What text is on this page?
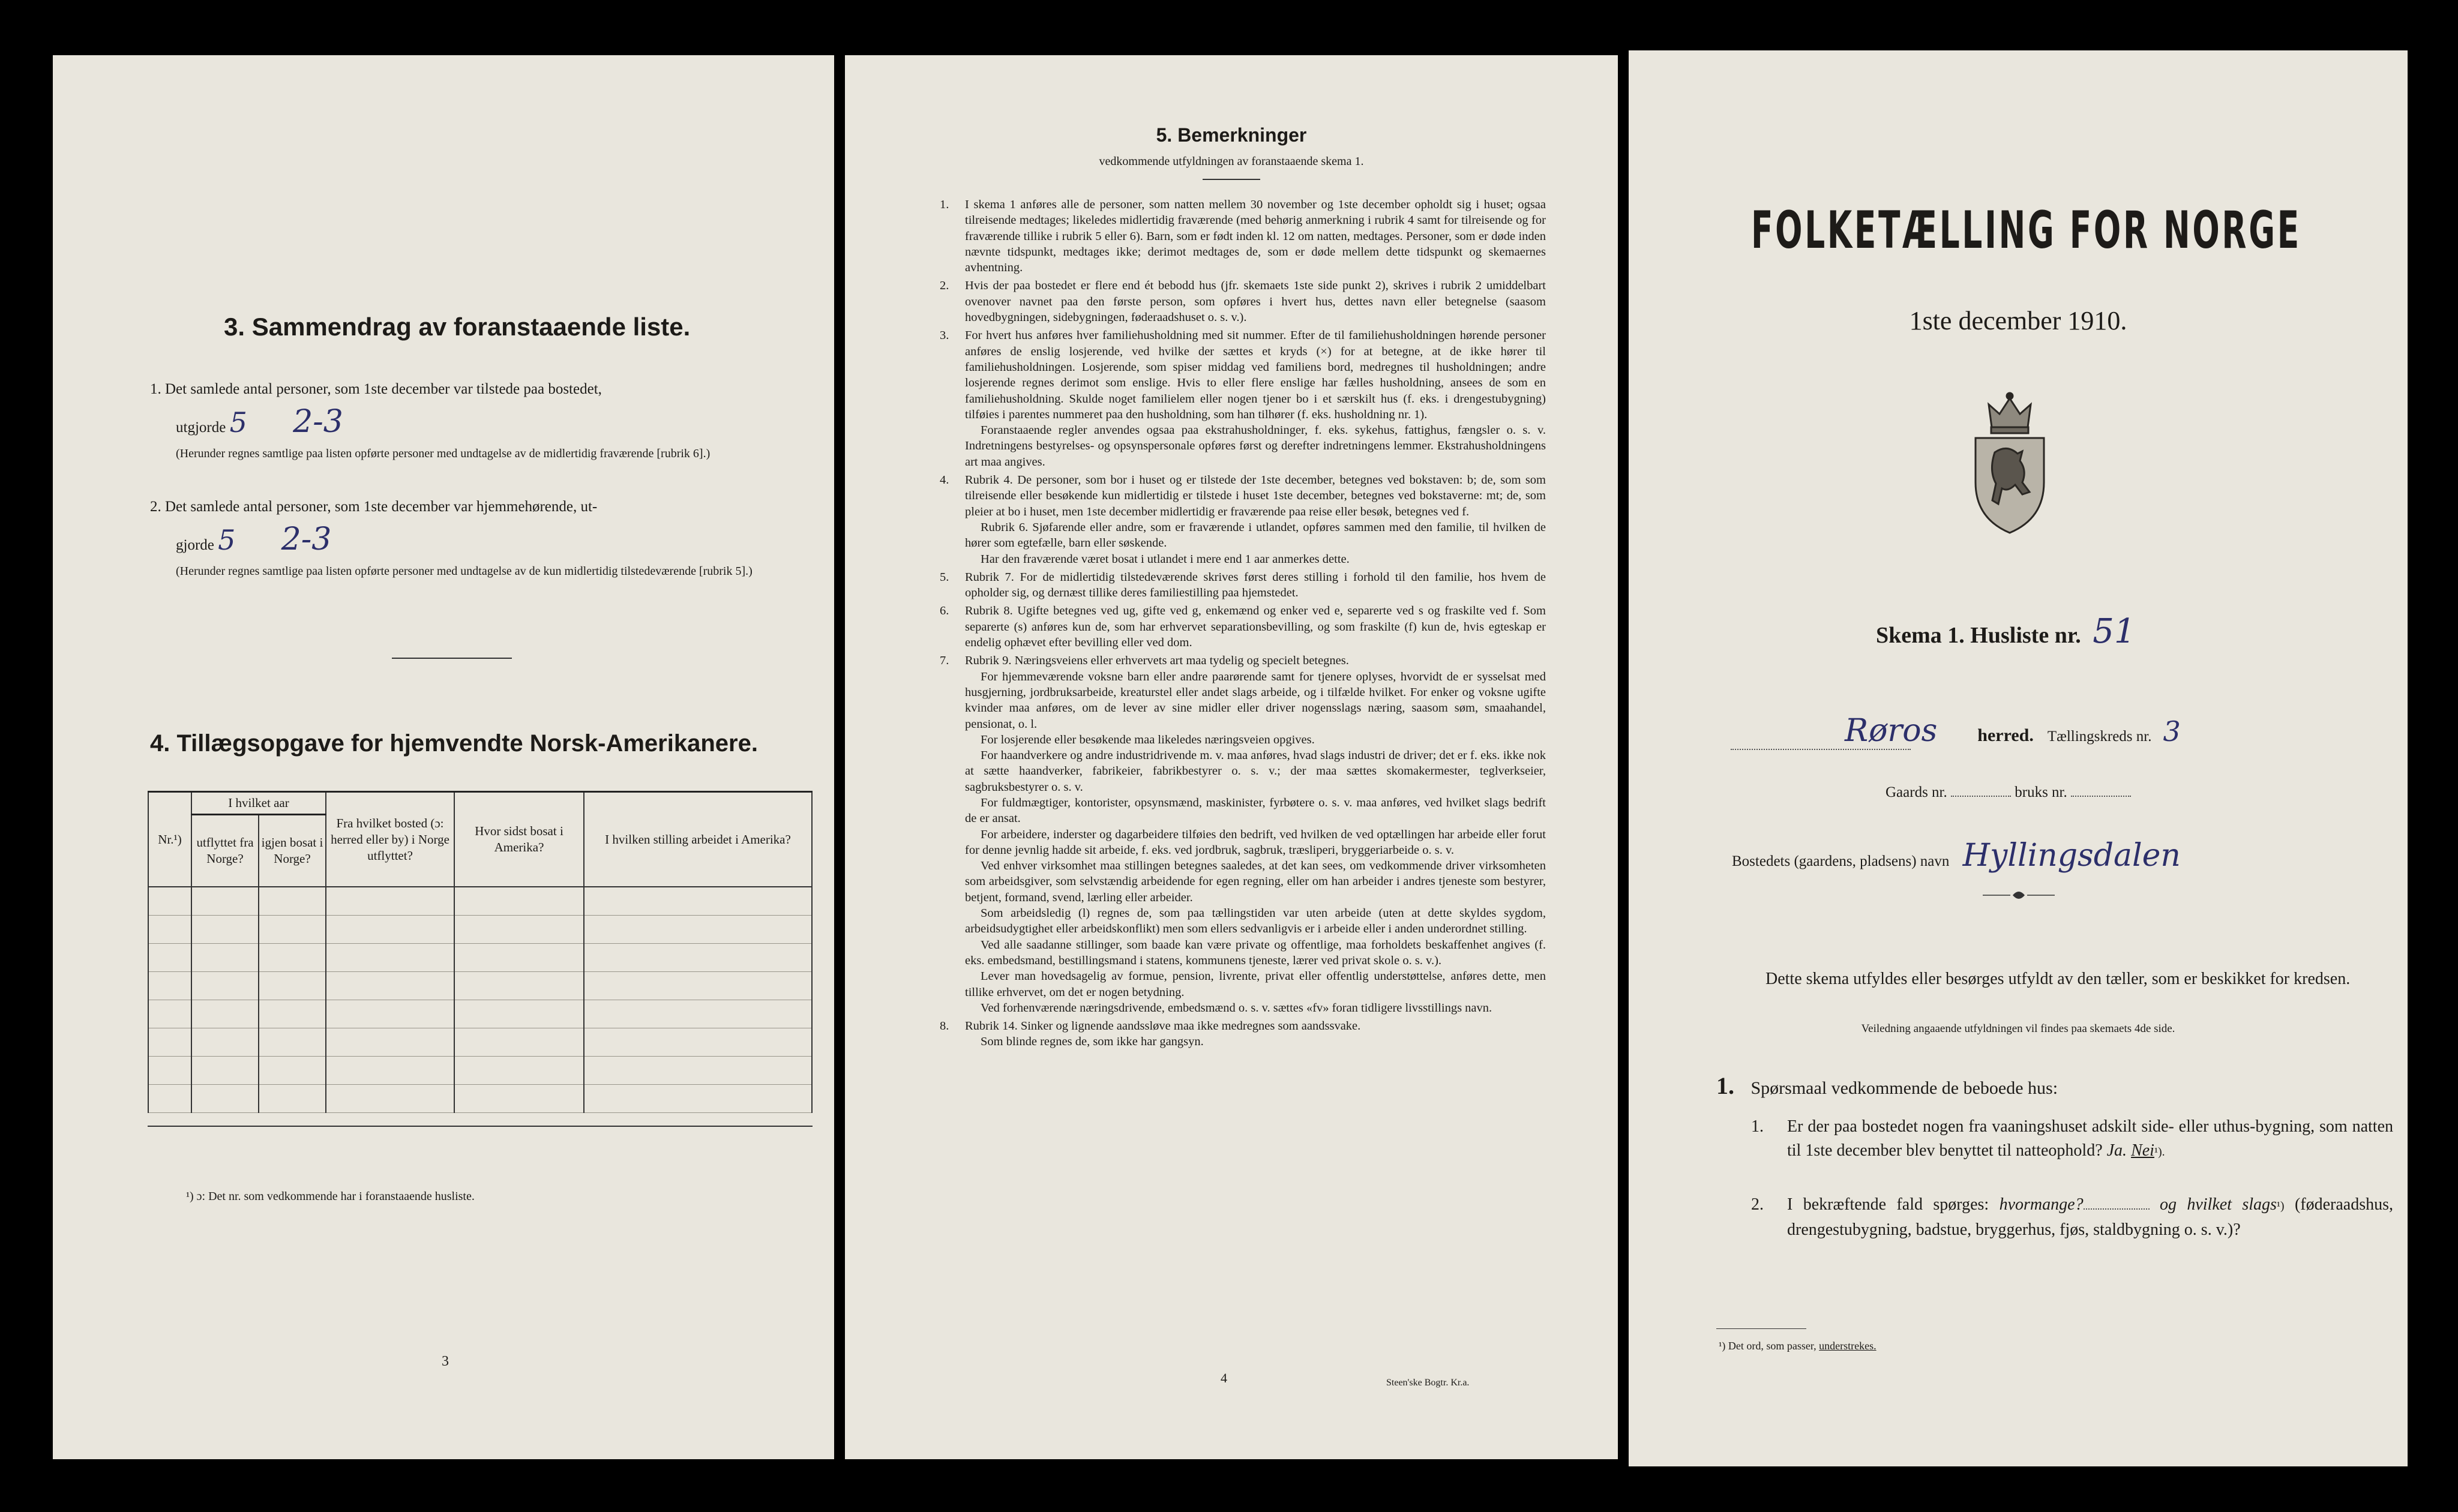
3. Sammendrag av foranstaaende liste.
1. Det samlede antal personer, som 1ste december var tilstede paa bostedet,
utgjorde 5 2-3
(Herunder regnes samtlige paa listen opførte personer med undtagelse av de midlertidig fraværende [rubrik 6].)
2. Det samlede antal personer, som 1ste december var hjemmehørende, ut-
gjorde 5 2-3
(Herunder regnes samtlige paa listen opførte personer med undtagelse av de kun midlertidig tilstedeværende [rubrik 5].)
4. Tillægsopgave for hjemvendte Norsk-Amerikanere.
Nr.¹)	I hvilket aar		Fra hvilket bosted (ɔ: herred eller by) i Norge utflyttet?	Hvor sidst bosat i Amerika?	I hvilken stilling arbeidet i Amerika?
	utflyttet fra Norge?	igjen bosat i Norge?			

¹) ɔ: Det nr. som vedkommende har i foranstaaende husliste.
3
5. Bemerkninger
vedkommende utfyldningen av foranstaaende skema 1.
1. I skema 1 anføres alle de personer, som natten mellem 30 november og 1ste december opholdt sig i huset; ogsaa tilreisende medtages; likeledes midlertidig fraværende (med behørig anmerkning i rubrik 4 samt for tilreisende og for fraværende tillike i rubrik 5 eller 6). Barn, som er født inden kl. 12 om natten, medtages. Personer, som er døde inden nævnte tidspunkt, medtages ikke; derimot medtages de, som er døde mellem dette tidspunkt og skemaernes avhentning.

2. Hvis der paa bostedet er flere end ét bebodd hus (jfr. skemaets 1ste side punkt 2), skrives i rubrik 2 umiddelbart ovenover navnet paa den første person, som opføres i hvert hus, dettes navn eller betegnelse (saasom hovedbygningen, sidebygningen, føderaadshuset o. s. v.).

3. For hvert hus anføres hver familiehusholdning med sit nummer. Efter de til familiehusholdningen hørende personer anføres de enslig losjerende, ved hvilke der sættes et kryds (×) for at betegne, at de ikke hører til familiehusholdningen. Losjerende, som spiser middag ved familiens bord, medregnes til husholdningen; andre losjerende regnes derimot som enslige. Hvis to eller flere enslige har fælles husholdning, ansees de som en familiehusholdning. Skulde noget familielem eller nogen tjener bo i et særskilt hus (f. eks. i drengestubygning) tilføies i parentes nummeret paa den husholdning, som han tilhører (f. eks. husholdning nr. 1).

Foranstaaende regler anvendes ogsaa paa ekstrahusholdninger, f. eks. sykehus, fattighus, fængsler o. s. v. Indretningens bestyrelses- og opsynspersonale opføres først og derefter indretningens lemmer. Ekstrahusholdningens art maa angives.

4. Rubrik 4. De personer, som bor i huset og er tilstede der 1ste december, betegnes ved bokstaven: b; de, som som tilreisende eller besøkende kun midlertidig er tilstede i huset 1ste december, betegnes ved bokstaverne: mt; de, som pleier at bo i huset, men 1ste december midlertidig er fraværende paa reise eller besøk, betegnes ved f.

Rubrik 6. Sjøfarende eller andre, som er fraværende i utlandet, opføres sammen med den familie, til hvilken de hører som egtefælle, barn eller søskende.

Har den fraværende været bosat i utlandet i mere end 1 aar anmerkes dette.

5. Rubrik 7. For de midlertidig tilstedeværende skrives først deres stilling i forhold til den familie, hos hvem de opholder sig, og dernæst tillike deres familiestilling paa hjemstedet.

6. Rubrik 8. Ugifte betegnes ved ug, gifte ved g, enkemænd og enker ved e, separerte ved s og fraskilte ved f. Som separerte (s) anføres kun de, som har erhvervet separationsbevilling, og som fraskilte (f) kun de, hvis egteskap er endelig ophævet efter bevilling eller ved dom.

7. Rubrik 9. Næringsveiens eller erhvervets art maa tydelig og specielt betegnes.

For hjemmeværende voksne barn eller andre paarørende samt for tjenere oplyses, hvorvidt de er sysselsat med husgjerning, jordbruksarbeide, kreaturstel eller andet slags arbeide, og i tilfælde hvilket. For enker og voksne ugifte kvinder maa anføres, om de lever av sine midler eller driver nogensslags næring, saasom søm, smaahandel, pensionat, o. l.

For losjerende eller besøkende maa likeledes næringsveien opgives.

For haandverkere og andre industridrivende m. v. maa anføres, hvad slags industri de driver; det er f. eks. ikke nok at sætte haandverker, fabrikeier, fabrikbestyrer o. s. v.; der maa sættes skomakermester, teglverkseier, sagbruksbestyrer o. s. v.

For fuldmægtiger, kontorister, opsynsmænd, maskinister, fyrbøtere o. s. v. maa anføres, ved hvilket slags bedrift de er ansat.

For arbeidere, inderster og dagarbeidere tilføies den bedrift, ved hvilken de ved optællingen har arbeide eller forut for denne jevnlig hadde sit arbeide, f. eks. ved jordbruk, sagbruk, træsliperi, bryggeriarbeide o. s. v.

Ved enhver virksomhet maa stillingen betegnes saaledes, at det kan sees, om vedkommende driver virksomheten som arbeidsgiver, som selvstændig arbeidende for egen regning, eller om han arbeider i andres tjeneste som bestyrer, betjent, formand, svend, lærling eller arbeider.

Som arbeidsledig (l) regnes de, som paa tællingstiden var uten arbeide (uten at dette skyldes sygdom, arbeidsudygtighet eller arbeidskonflikt) men som ellers sedvanligvis er i arbeide eller i anden underordnet stilling.

Ved alle saadanne stillinger, som baade kan være private og offentlige, maa forholdets beskaffenhet angives (f. eks. embedsmand, bestillingsmand i statens, kommunens tjeneste, lærer ved privat skole o. s. v.).

Lever man hovedsagelig av formue, pension, livrente, privat eller offentlig understøttelse, anføres dette, men tillike erhvervet, om det er nogen betydning.

Ved forhenværende næringsdrivende, embedsmænd o. s. v. sættes «fv» foran tidligere livsstillings navn.

8. Rubrik 14. Sinker og lignende aandssløve maa ikke medregnes som aandssvake.

Som blinde regnes de, som ikke har gangsyn.

4	Steen'ske Bogtr. Kr.a.
FOLKETÆLLING FOR NORGE
1ste december 1910.
Skema 1. Husliste nr. 51
Røros herred. Tællingskreds nr. 3
Gaards nr.	bruks nr.
Bostedets (gaardens, pladsens) navn Hyllingsdalen
Dette skema utfyldes eller besørges utfyldt av den tæller, som er beskikket for kredsen.
Veiledning angaaende utfyldningen vil findes paa skemaets 4de side.
1. Spørsmaal vedkommende de beboede hus:
1. Er der paa bostedet nogen fra vaaningshuset adskilt side- eller uthus-bygning, som natten til 1ste december blev benyttet til natteophold? Ja. Nei¹).
2. I bekræftende fald spørges: hvormange?	og hvilket slags¹) (føderaadshus, drengestubygning, badstue, bryggerhus, fjøs, staldbygning o. s. v.)?
¹) Det ord, som passer, understrekes.
